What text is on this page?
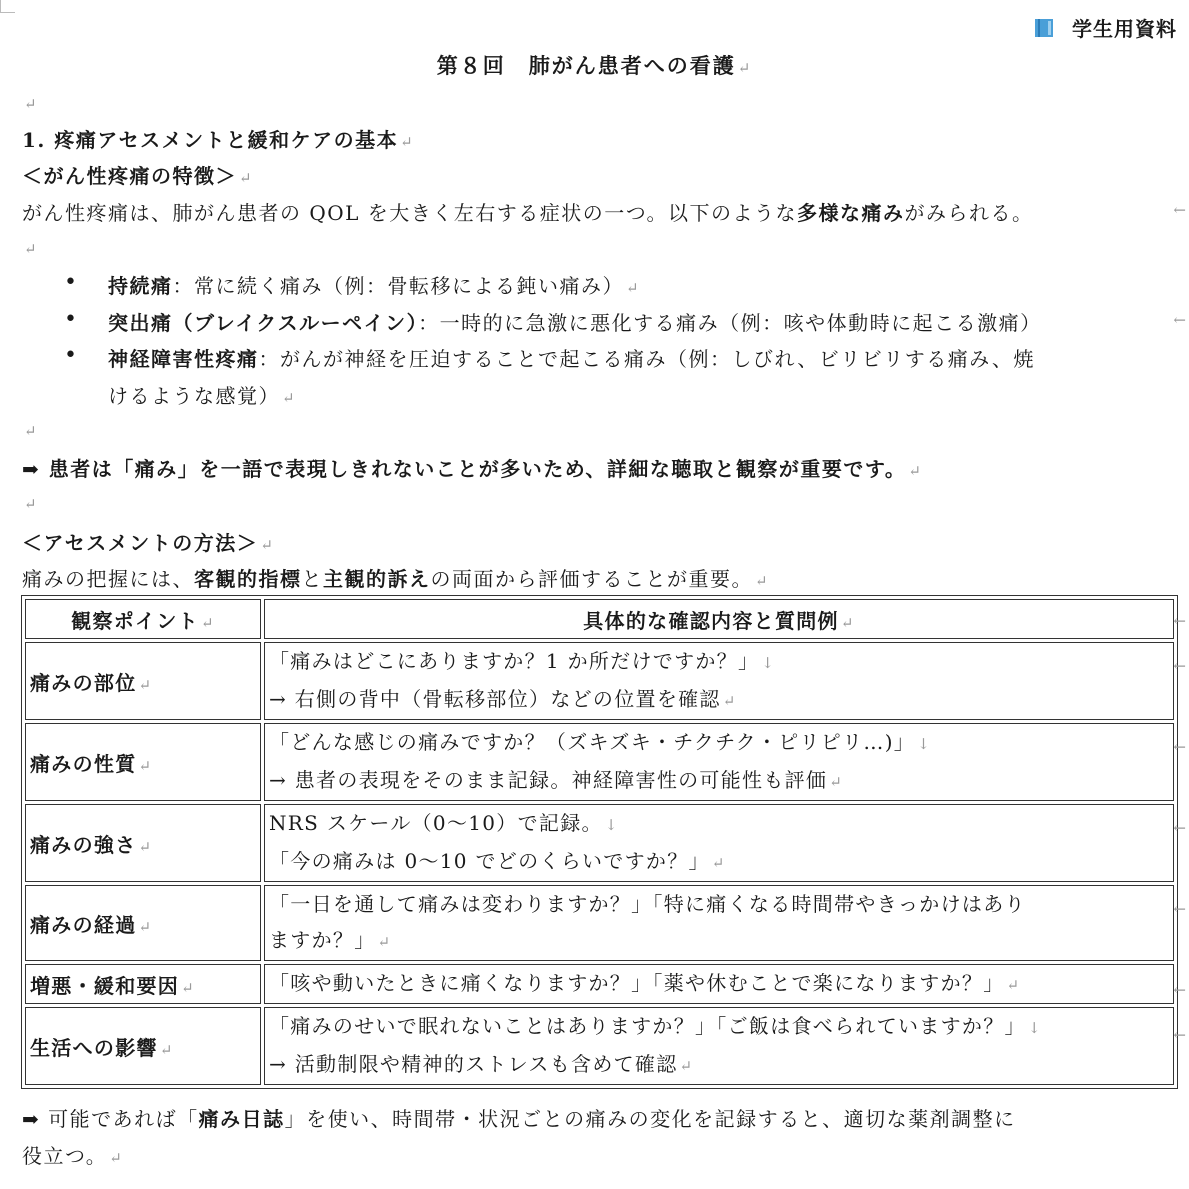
学生用資料
第８回　肺がん患者への看護 ↵
↵
1. 疼痛アセスメントと緩和ケアの基本 ↵
＜がん性疼痛の特徴＞ ↵
がん性疼痛は、肺がん患者の QOL を大きく左右する症状の一つ。以下のような多様な痛みがみられる。	←
↵
• 持続痛：常に続く痛み（例：骨転移による鈍い痛み） ↵
• 突出痛（ブレイクスルーペイン）：一時的に急激に悪化する痛み（例：咳や体動時に起こる激痛）	←
• 神経障害性疼痛：がんが神経を圧迫することで起こる痛み（例：しびれ、ビリビリする痛み、焼
けるような感覚） ↵
↵
➡ 患者は「痛み」を一語で表現しきれないことが多いため、詳細な聴取と観察が重要です。 ↵
↵
＜アセスメントの方法＞ ↵
痛みの把握には、客観的指標と主観的訴えの両面から評価することが重要。 ↵
観察ポイント ↵	具体的な確認内容と質問例 ↵
痛みの部位 ↵	「痛みはどこにありますか？1 か所だけですか？」 ↓
→ 右側の背中（骨転移部位）などの位置を確認 ↵

痛みの性質 ↵	「どんな感じの痛みですか？（ズキズキ・チクチク・ピリピリ…)」 ↓
→ 患者の表現をそのまま記録。神経障害性の可能性も評価 ↵

痛みの強さ ↵	NRS スケール（0〜10）で記録。 ↓
「今の痛みは 0〜10 でどのくらいですか？」 ↵

痛みの経過 ↵	「一日を通して痛みは変わりますか？」「特に痛くなる時間帯やきっかけはあり
ますか？」 ↵

増悪・緩和要因 ↵	「咳や動いたときに痛くなりますか？」「薬や休むことで楽になりますか？」 ↵

生活への影響 ↵	「痛みのせいで眠れないことはありますか？」「ご飯は食べられていますか？」 ↓
→ 活動制限や精神的ストレスも含めて確認 ↵
←
←
←
←
←
←
←
➡ 可能であれば「痛み日誌」を使い、時間帯・状況ごとの痛みの変化を記録すると、適切な薬剤調整に
役立つ。 ↵
